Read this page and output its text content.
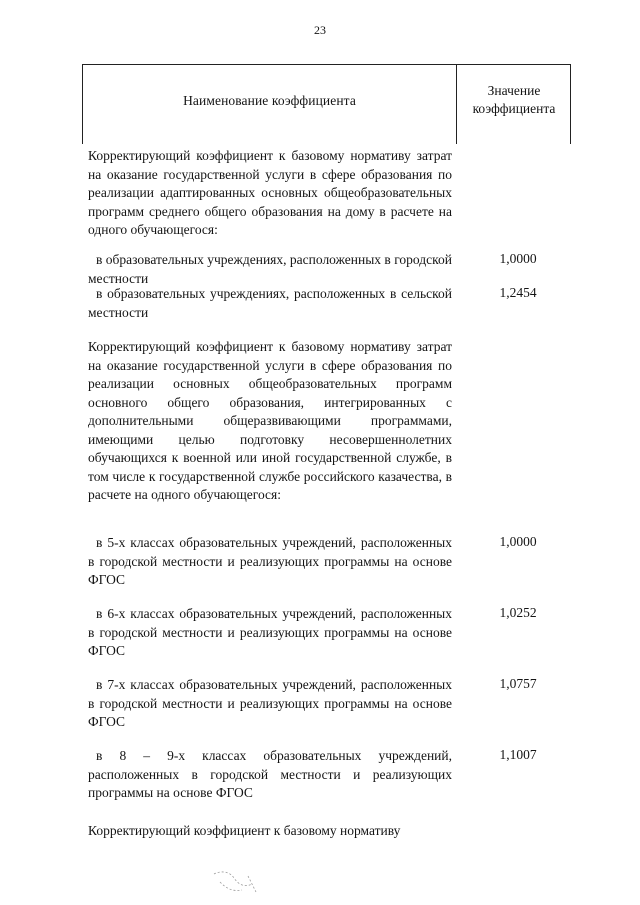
23
Наименование коэффициента
Значение
коэффициента
Корректирующий коэффициент к базовому нормативу затрат на оказание государственной услуги в сфере образования по реализации адаптированных основных общеобразовательных программ среднего общего образования на дому в расчете на одного обучающегося:
в образовательных учреждениях, расположенных в городской местности
1,0000
в образовательных учреждениях, расположенных в сельской местности
1,2454
Корректирующий коэффициент к базовому нормативу затрат на оказание государственной услуги в сфере образования по реализации основных общеобразовательных программ основного общего образования, интегрированных с дополнительными общеразвивающими программами, имеющими целью подготовку несовершеннолетних обучающихся к военной или иной государственной службе, в том числе к государственной службе российского казачества, в расчете на одного обучающегося:
в 5-х классах образовательных учреждений, расположенных в городской местности и реализующих программы на основе ФГОС
1,0000
в 6-х классах образовательных учреждений, расположенных в городской местности и реализующих программы на основе ФГОС
1,0252
в 7-х классах образовательных учреждений, расположенных в городской местности и реализующих программы на основе ФГОС
1,0757
в 8 – 9-х классах образовательных учреждений, расположенных в городской местности и реализующих программы на основе ФГОС
1,1007
Корректирующий коэффициент к базовому нормативу
